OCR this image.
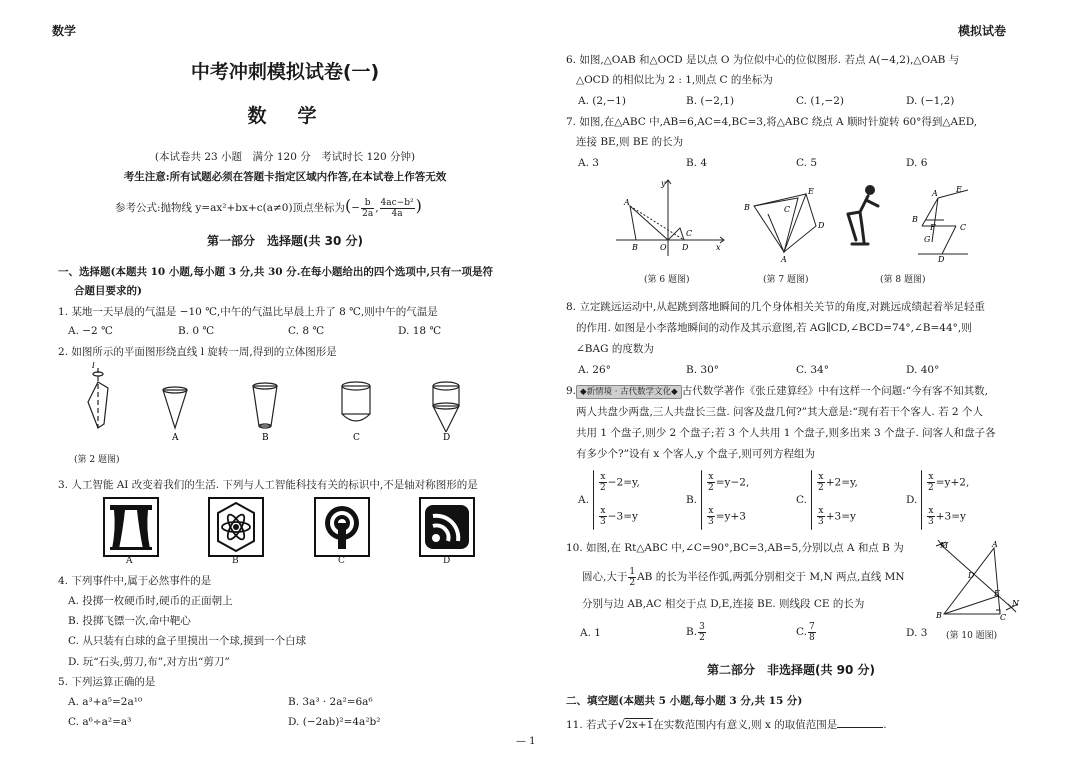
数学	模拟试卷
中考冲刺模拟试卷(一)
数　学
(本试卷共 23 小题　满分 120 分　考试时长 120 分钟)
考生注意:所有试题必须在答题卡指定区域内作答,在本试卷上作答无效
参考公式:抛物线 y=ax²+bx+c(a≠0)顶点坐标为(− $\frac{b}{2a}$ , $\frac{\text{4ac−b²}}{4a}$ )
第一部分　选择题(共 30 分)
一、选择题(本题共 10 小题,每小题 3 分,共 30 分.在每小题给出的四个选项中,只有一项是符
合题目要求的)
1. 某地一天早晨的气温是 −10 ℃,中午的气温比早晨上升了 8 ℃,则中午的气温是
A. −2 ℃	B. 0 ℃	C. 8 ℃	D. 18 ℃
2. 如图所示的平面图形绕直线 l 旋转一周,得到的立体图形是
l
A	B	C	D
(第 2 题图)
3. 人工智能 AI 改变着我们的生活. 下列与人工智能科技有关的标识中,不是轴对称图形的是
A	B	C	D
4. 下列事件中,属于必然事件的是
A. 投掷一枚硬币时,硬币的正面朝上
B. 投掷飞镖一次,命中靶心
C. 从只装有白球的盒子里摸出一个球,摸到一个白球
D. 玩“石头,剪刀,布”,对方出“剪刀”
5. 下列运算正确的是
A. a³+a⁵=2a¹⁰	B. 3a³ · 2a²=6a⁶
C. a⁶÷a²=a³	D. (−2ab)²=4a²b²
6. 如图,△OAB 和△OCD 是以点 O 为位似中心的位似图形. 若点 A(−4,2),△OAB 与
△OCD 的相似比为 2 : 1,则点 C 的坐标为
A. (2,−1)	B. (−2,1)	C. (1,−2)	D. (−1,2)
7. 如图,在△ABC 中,AB=6,AC=4,BC=3,将△ABC 绕点 A 顺时针旋转 60°得到△AED,
连接 BE,则 BE 的长为
A. 3	B. 4	C. 5	D. 6
y
x
A
B	O
C
D
E
B	C
D
A
A E
B
F	C
G
D
(第 6 题图)	(第 7 题图)	(第 8 题图)
8. 立定跳远运动中,从起跳到落地瞬间的几个身体相关关节的角度,对跳远成绩起着举足轻重
的作用. 如图是小李落地瞬间的动作及其示意图,若 AG∥CD,∠BCD=74°,∠B=44°,则
∠BAG 的度数为
A. 26°	B. 30°	C. 34°	D. 40°
9. ◆新情境 · 古代数学文化◆ 古代数学著作《张丘建算经》中有这样一个问题:“今有客不知其数,
两人共盘少两盘,三人共盘长三盘. 问客及盘几何?”其大意是:“现有若干个客人. 若 2 个人
共用 1 个盘子,则少 2 个盘子;若 3 个人共用 1 个盘子,则多出来 3 个盘子. 问客人和盘子各
有多少个?”设有 x 个客人,y 个盘子,则可列方程组为
A.
$\frac{x}{2} -2=y$,
$\frac{x}{3} -3=y$
B.
$\frac{x}{2} =y-2$,
$\frac{x}{3} =y+3$
C.
$\frac{x}{2} +2=y$,
$\frac{x}{3} +3=y$
D.
$\frac{x}{2} =y+2$,
$\frac{x}{3} +3=y$
10. 如图,在 Rt△ABC 中,∠C=90°,BC=3,AB=5,分别以点 A 和点 B 为
圆心,大于 $\frac{1}{2}$ AB 的长为半径作弧,两弧分别相交于 M,N 两点,直线 MN
分别与边 AB,AC 相交于点 D,E,连接 BE. 则线段 CE 的长为
A. 1	B. $\frac{3}{2}$	C. $\frac{7}{8}$	D. 3 (第 10 题图)
M	A
D
E
N
B	C
第二部分　非选择题(共 90 分)
二、填空题(本题共 5 小题,每小题 3 分,共 15 分)
11. 若式子√2x+1在实数范围内有意义,则 x 的取值范围是	.
— 1
